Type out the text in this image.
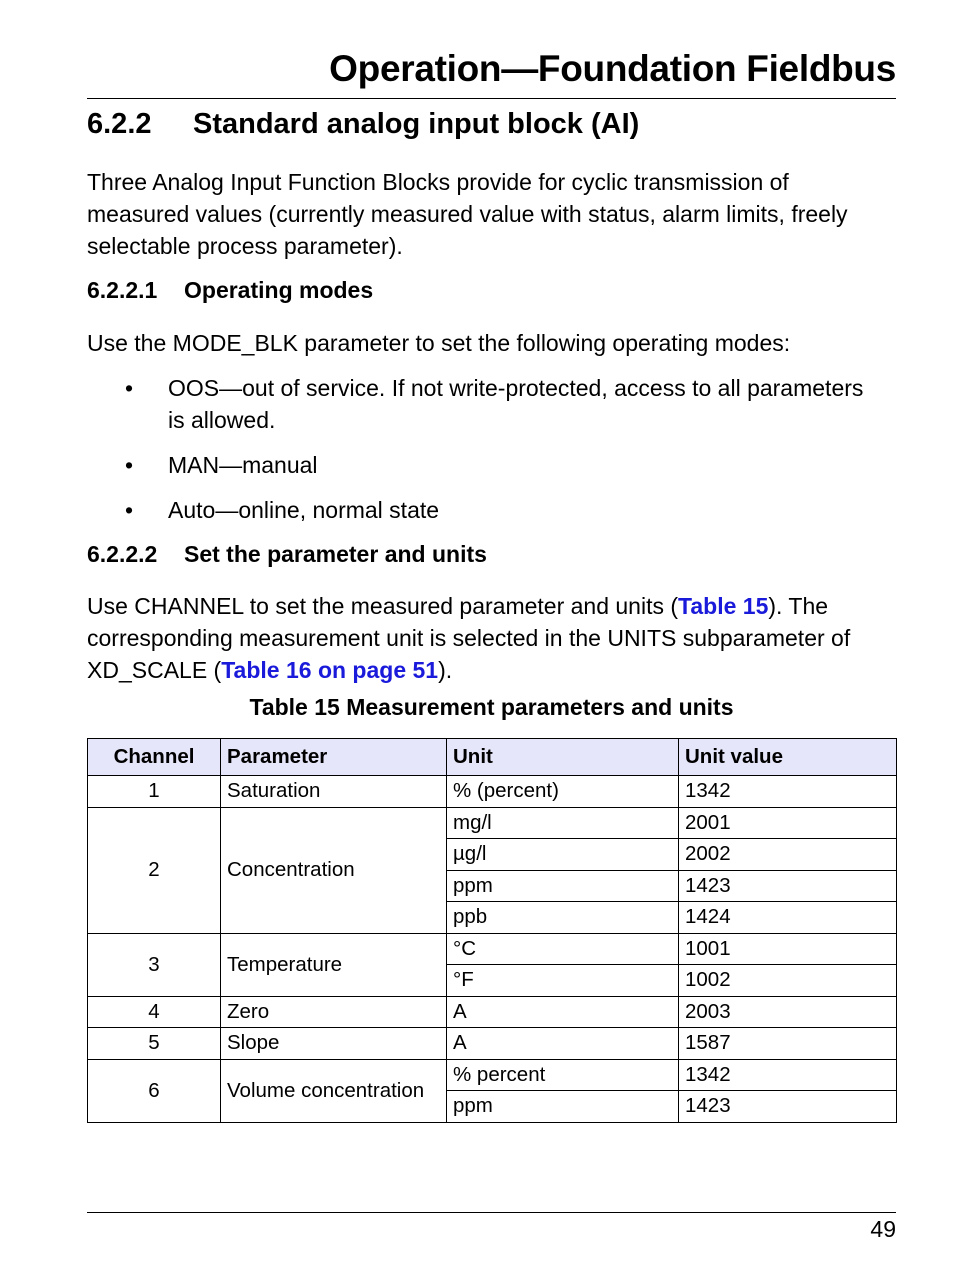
Operation—Foundation Fieldbus
6.2.2 Standard analog input block (AI)
Three Analog Input Function Blocks provide for cyclic transmission of measured values (currently measured value with status, alarm limits, freely selectable process parameter).
6.2.2.1 Operating modes
Use the MODE_BLK parameter to set the following operating modes:
• OOS—out of service. If not write-protected, access to all parameters is allowed.
• MAN—manual
• Auto—online, normal state
6.2.2.2 Set the parameter and units
Use CHANNEL to set the measured parameter and units (Table 15). The corresponding measurement unit is selected in the UNITS subparameter of XD_SCALE (Table 16 on page 51).
Table 15 Measurement parameters and units
Channel	Parameter	Unit	Unit value
1	Saturation	% (percent)	1342
2	Concentration	mg/l	2001
		µg/l	2002
		ppm	1423
		ppb	1424
3	Temperature	°C	1001
		°F	1002
4	Zero	A	2003
5	Slope	A	1587
6	Volume concentration	% percent	1342
		ppm	1423
49
